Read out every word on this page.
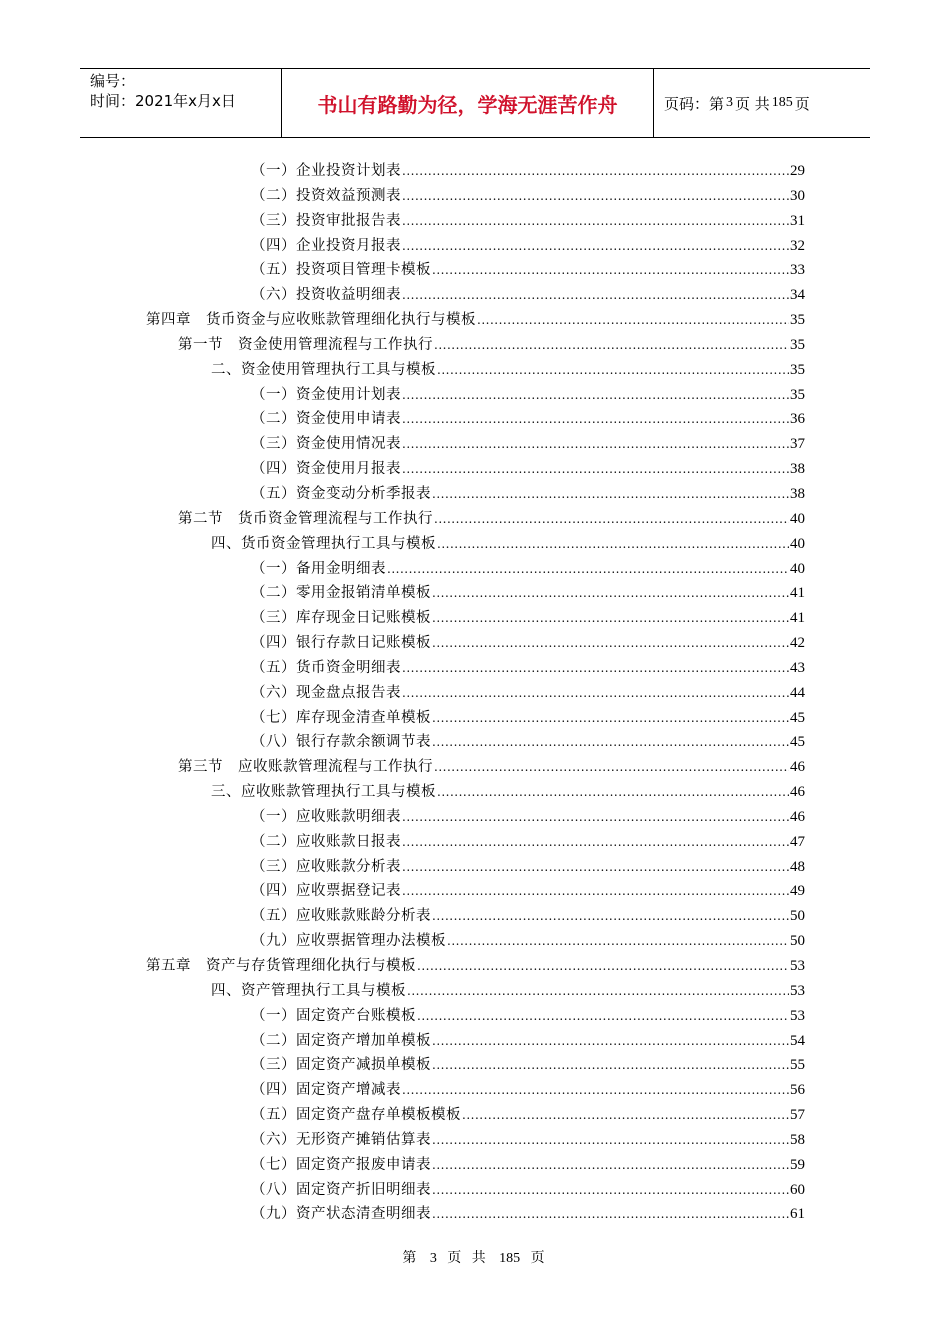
编号：
时间：2021年x月x日	书山有路勤为径，学海无涯苦作舟	页码：第 3 页 共 185 页
（一）企业投资计划表 .....	29
（二）投资效益预测表 .....	30
（三）投资审批报告表 .....	31
（四）企业投资月报表 .....	32
（五）投资项目管理卡模板 .....	33
（六）投资收益明细表 .....	34
第四章　货币资金与应收账款管理细化执行与模板 .....	35
第一节　资金使用管理流程与工作执行 .....	35
二、资金使用管理执行工具与模板 .....	35
（一）资金使用计划表 .....	35
（二）资金使用申请表 .....	36
（三）资金使用情况表 .....	37
（四）资金使用月报表 .....	38
（五）资金变动分析季报表 .....	38
第二节　货币资金管理流程与工作执行 .....	40
四、货币资金管理执行工具与模板 .....	40
（一）备用金明细表 .....	40
（二）零用金报销清单模板 .....	41
（三）库存现金日记账模板 .....	41
（四）银行存款日记账模板 .....	42
（五）货币资金明细表 .....	43
（六）现金盘点报告表 .....	44
（七）库存现金清查单模板 .....	45
（八）银行存款余额调节表 .....	45
第三节　应收账款管理流程与工作执行 .....	46
三、应收账款管理执行工具与模板 .....	46
（一）应收账款明细表 .....	46
（二）应收账款日报表 .....	47
（三）应收账款分析表 .....	48
（四）应收票据登记表 .....	49
（五）应收账款账龄分析表 .....	50
（九）应收票据管理办法模板 .....	50
第五章　资产与存货管理细化执行与模板 .....	53
四、资产管理执行工具与模板 .....	53
（一）固定资产台账模板 .....	53
（二）固定资产增加单模板 .....	54
（三）固定资产减损单模板 .....	55
（四）固定资产增减表 .....	56
（五）固定资产盘存单模板模板 .....	57
（六）无形资产摊销估算表 .....	58
（七）固定资产报废申请表 .....	59
（八）固定资产折旧明细表 .....	60
（九）资产状态清查明细表 .....	61
第 3 页 共 185 页
